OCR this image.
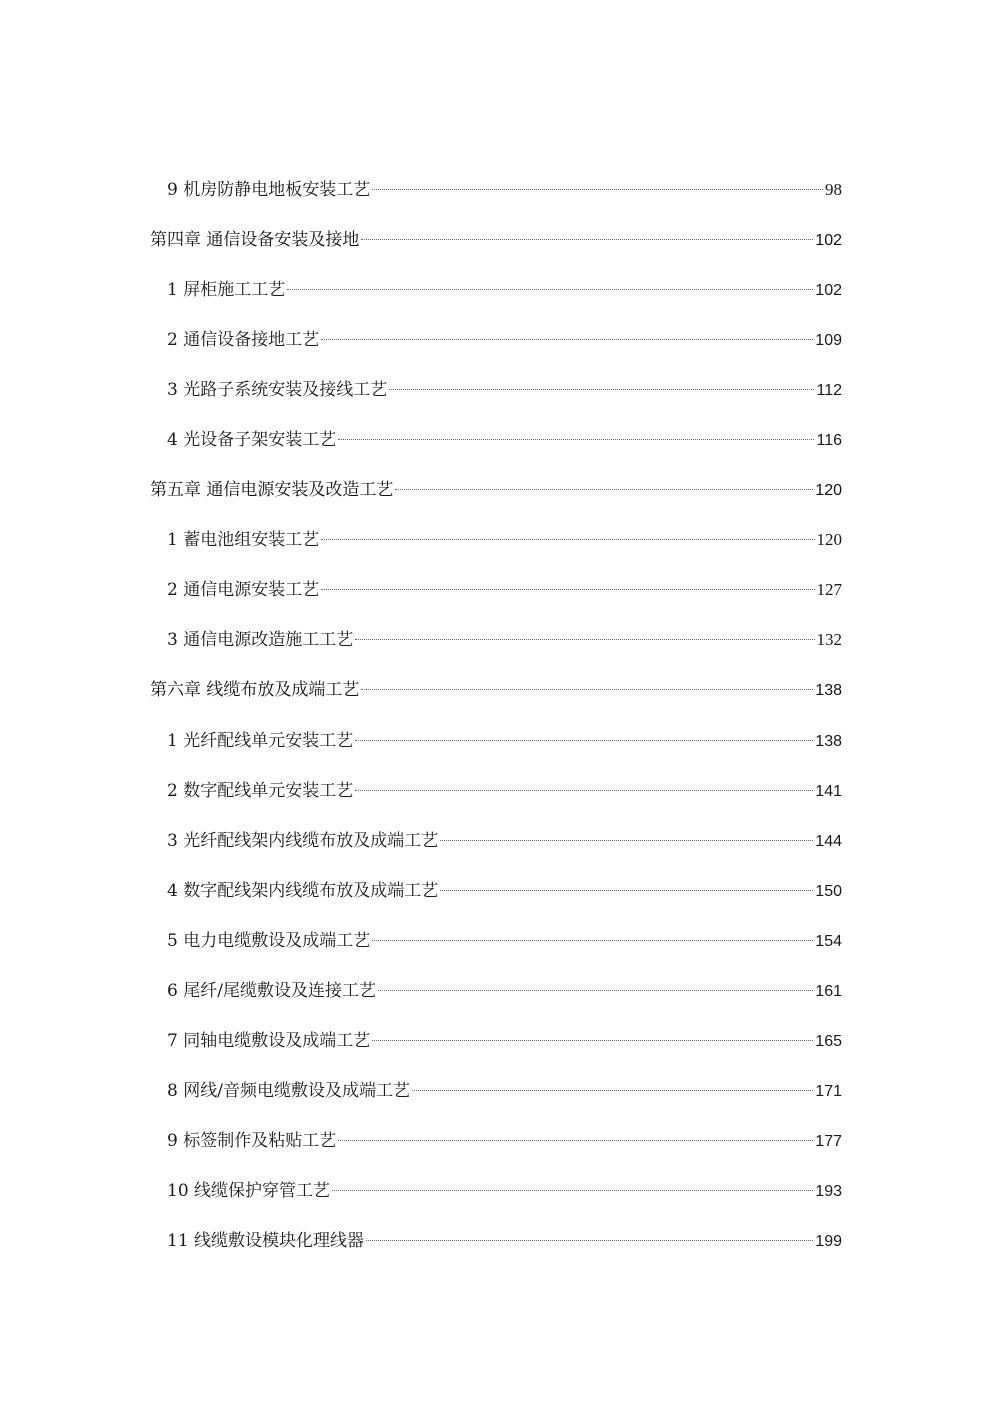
9 机房防静电地板安装工艺	98
第四章 通信设备安装及接地	102
1 屏柜施工工艺	102
2 通信设备接地工艺	109
3 光路子系统安装及接线工艺	112
4 光设备子架安装工艺	116
第五章 通信电源安装及改造工艺	120
1 蓄电池组安装工艺	120
2 通信电源安装工艺	127
3 通信电源改造施工工艺	132
第六章 线缆布放及成端工艺	138
1 光纤配线单元安装工艺	138
2 数字配线单元安装工艺	141
3 光纤配线架内线缆布放及成端工艺	144
4 数字配线架内线缆布放及成端工艺	150
5 电力电缆敷设及成端工艺	154
6 尾纤/尾缆敷设及连接工艺	161
7 同轴电缆敷设及成端工艺	165
8 网线/音频电缆敷设及成端工艺	171
9 标签制作及粘贴工艺	177
10 线缆保护穿管工艺	193
11 线缆敷设模块化理线器	199
